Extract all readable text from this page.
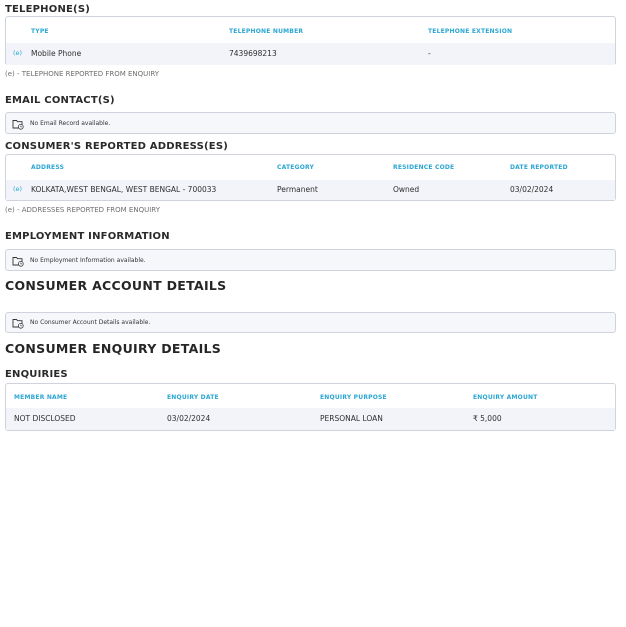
TELEPHONE(S)
TYPE	TELEPHONE NUMBER	TELEPHONE EXTENSION
(e) Mobile Phone	7439698213	-
(e) - TELEPHONE REPORTED FROM ENQUIRY
EMAIL CONTACT(S)
No Email Record available.
CONSUMER'S REPORTED ADDRESS(ES)
ADDRESS	CATEGORY	RESIDENCE CODE	DATE REPORTED
(e) KOLKATA,WEST BENGAL, WEST BENGAL - 700033	Permanent	Owned	03/02/2024
(e) - ADDRESSES REPORTED FROM ENQUIRY
EMPLOYMENT INFORMATION
No Employment Information available.
CONSUMER ACCOUNT DETAILS
No Consumer Account Details available.
CONSUMER ENQUIRY DETAILS
ENQUIRIES
MEMBER NAME	ENQUIRY DATE	ENQUIRY PURPOSE	ENQUIRY AMOUNT
NOT DISCLOSED	03/02/2024	PERSONAL LOAN	₹ 5,000
